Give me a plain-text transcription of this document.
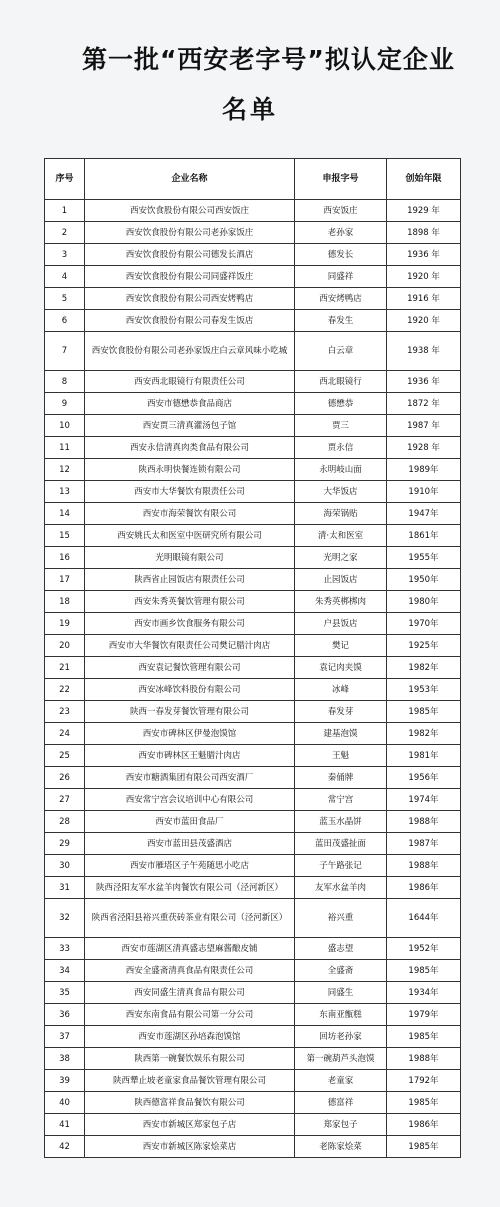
第一批“西安老字号”拟认定企业
名单
序号	企业名称	申报字号	创始年限
1	西安饮食股份有限公司西安饭庄	西安饭庄	1929 年
2	西安饮食股份有限公司老孙家饭庄	老孙家	1898 年
3	西安饮食股份有限公司德发长酒店	德发长	1936 年
4	西安饮食股份有限公司同盛祥饭庄	同盛祥	1920 年
5	西安饮食股份有限公司西安烤鸭店	西安烤鸭店	1916 年
6	西安饮食股份有限公司春发生饭店	春发生	1920 年
7	西安饮食股份有限公司老孙家饭庄白云章风味小吃城	白云章	1938 年
8	西安西北眼镜行有限责任公司	西北眼镜行	1936 年
9	西安市德懋恭食品商店	德懋恭	1872 年
10	西安贾三清真灌汤包子馆	贾三	1987 年
11	西安永信清真肉类食品有限公司	贾永信	1928 年
12	陕西永明快餐连锁有限公司	永明岐山面	1989年
13	西安市大华餐饮有限责任公司	大华饭店	1910年
14	西安市海荣餐饮有限公司	海荣锅贴	1947年
15	西安姚氏太和医室中医研究所有限公司	清·太和医室	1861年
16	光明眼镜有限公司	光明之家	1955年
17	陕西省止园饭店有限责任公司	止园饭店	1950年
18	西安朱秀英餐饮管理有限公司	朱秀英梆梆肉	1980年
19	西安市画乡饮食服务有限公司	户县饭店	1970年
20	西安市大华餐饮有限责任公司樊记腊汁肉店	樊记	1925年
21	西安袁记餐饮管理有限公司	袁记肉夹馍	1982年
22	西安冰峰饮料股份有限公司	冰峰	1953年
23	陕西一春发芽餐饮管理有限公司	春发芽	1985年
24	西安市碑林区伊曼泡馍馆	建基泡馍	1982年
25	西安市碑林区王魁腊汁肉店	王魁	1981年
26	西安市糖酒集团有限公司西安酒厂	秦俑牌	1956年
27	西安常宁宫会议培训中心有限公司	常宁宫	1974年
28	西安市蓝田食品厂	蓝玉水晶饼	1988年
29	西安市蓝田县茂盛酒店	蓝田茂盛扯面	1987年
30	西安市雁塔区子午苑随思小吃店	子午路张记	1988年
31	陕西泾阳友军水盆羊肉餐饮有限公司（泾河新区）	友军水盆羊肉	1986年
32	陕西省泾阳县裕兴重茯砖茶业有限公司（泾河新区）	裕兴重	1644年
33	西安市莲湖区清真盛志望麻酱酿皮铺	盛志望	1952年
34	西安全盛斋清真食品有限责任公司	全盛斋	1985年
35	西安同盛生清真食品有限公司	同盛生	1934年
36	西安东南食品有限公司第一分公司	东南亚甑糕	1979年
37	西安市莲湖区孙培森泡馍馆	回坊老孙家	1985年
38	陕西第一碗餐饮娱乐有限公司	第一碗葫芦头泡馍	1988年
39	陕西犟止坡老童家食品餐饮管理有限公司	老童家	1792年
40	陕西德富祥食品餐饮有限公司	德富祥	1985年
41	西安市新城区郑家包子店	郑家包子	1986年
42	西安市新城区陈家烩菜店	老陈家烩菜	1985年
